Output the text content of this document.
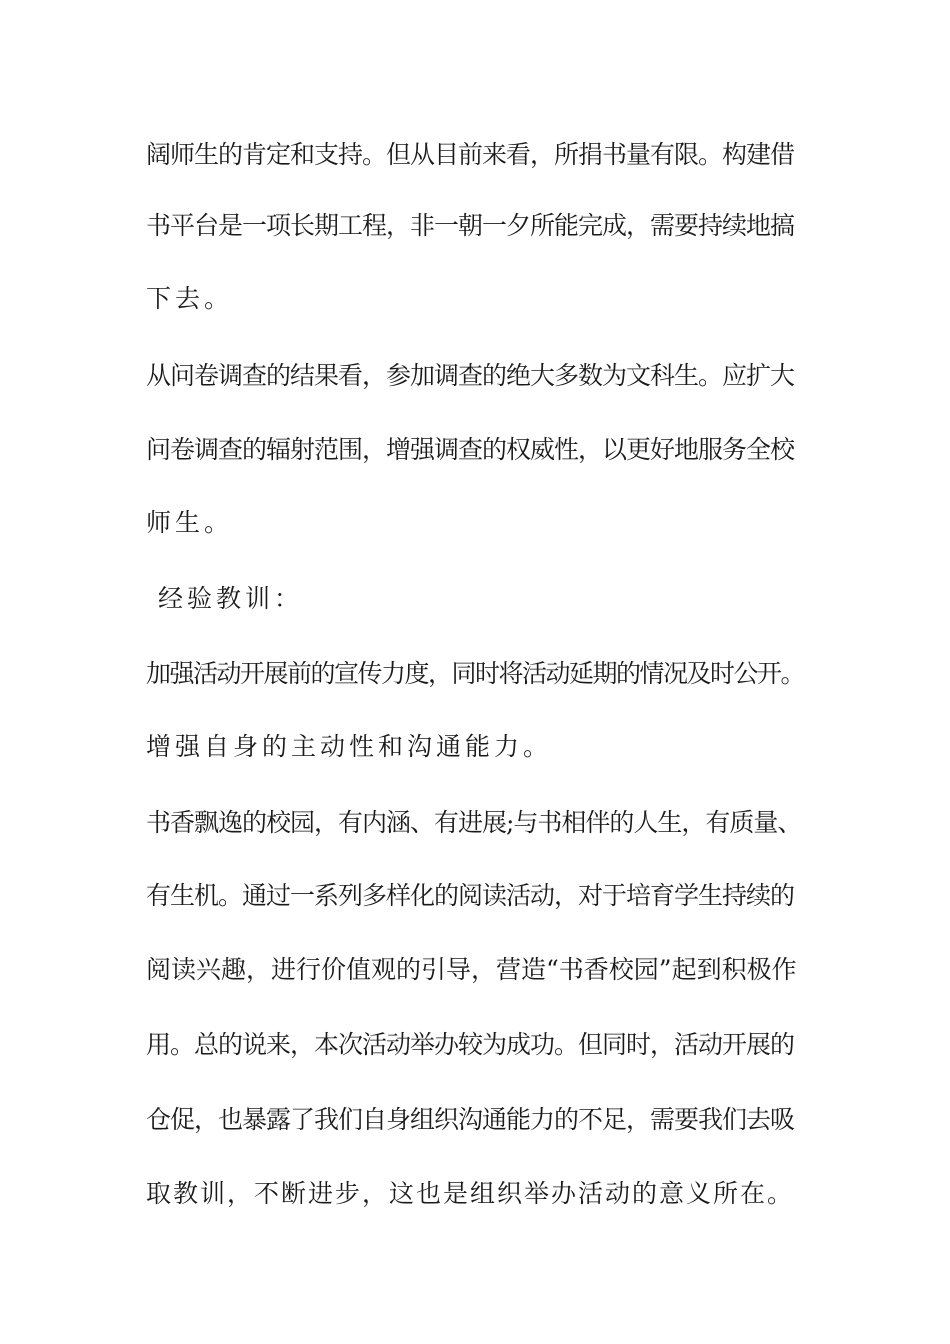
阔师生的肯定和支持。但从目前来看，所捐书量有限。构建借

书平台是一项长期工程，非一朝一夕所能完成，需要持续地搞

下去。

从问卷调查的结果看，参加调查的绝大多数为文科生。应扩大

问卷调查的辐射范围，增强调查的权威性，以更好地服务全校

师生。

经验教训：

加强活动开展前的宣传力度，同时将活动延期的情况及时公开。

增强自身的主动性和沟通能力。

书香飘逸的校园，有内涵、有进展;与书相伴的人生，有质量、

有生机。通过一系列多样化的阅读活动，对于培育学生持续的

阅读兴趣，进行价值观的引导，营造“书香校园”起到积极作

用。总的说来，本次活动举办较为成功。但同时，活动开展的

仓促，也暴露了我们自身组织沟通能力的不足，需要我们去吸

取教训，不断进步，这也是组织举办活动的意义所在。
